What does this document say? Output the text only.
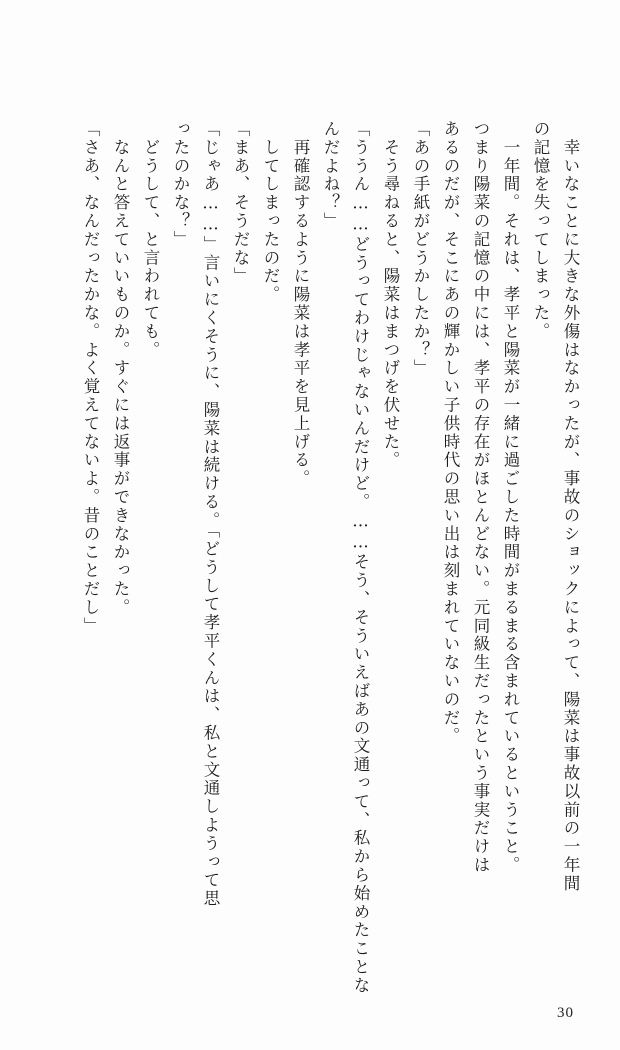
　幸いなことに大きな外傷はなかったが、事故のショックによって、陽菜は事故以前の一年間
の記憶を失ってしまった。
　一年間。それは、孝平と陽菜が一緒に過ごした時間がまるまる含まれているということ。
つまり陽菜の記憶の中には、孝平の存在がほとんどない。元同級生だったという事実だけは
あるのだが、そこにあの輝かしい子供時代の思い出は刻まれていないのだ。
「あの手紙がどうかしたか？」
　そう尋ねると、陽菜はまつげを伏せた。
「ううん……どうってわけじゃないんだけど。……そう、そういえばあの文通って、私から始めたことな
んだよね？」
　再確認するように陽菜は孝平を見上げる。
　してしまったのだ。
「まあ、そうだな」
「じゃあ……」言いにくそうに、陽菜は続ける。「どうして孝平くんは、私と文通しようって思
ったのかな？」
　どうして、と言われても。
　なんと答えていいものか。すぐには返事ができなかった。
「さあ、なんだったかな。よく覚えてないよ。昔のことだし」
30
